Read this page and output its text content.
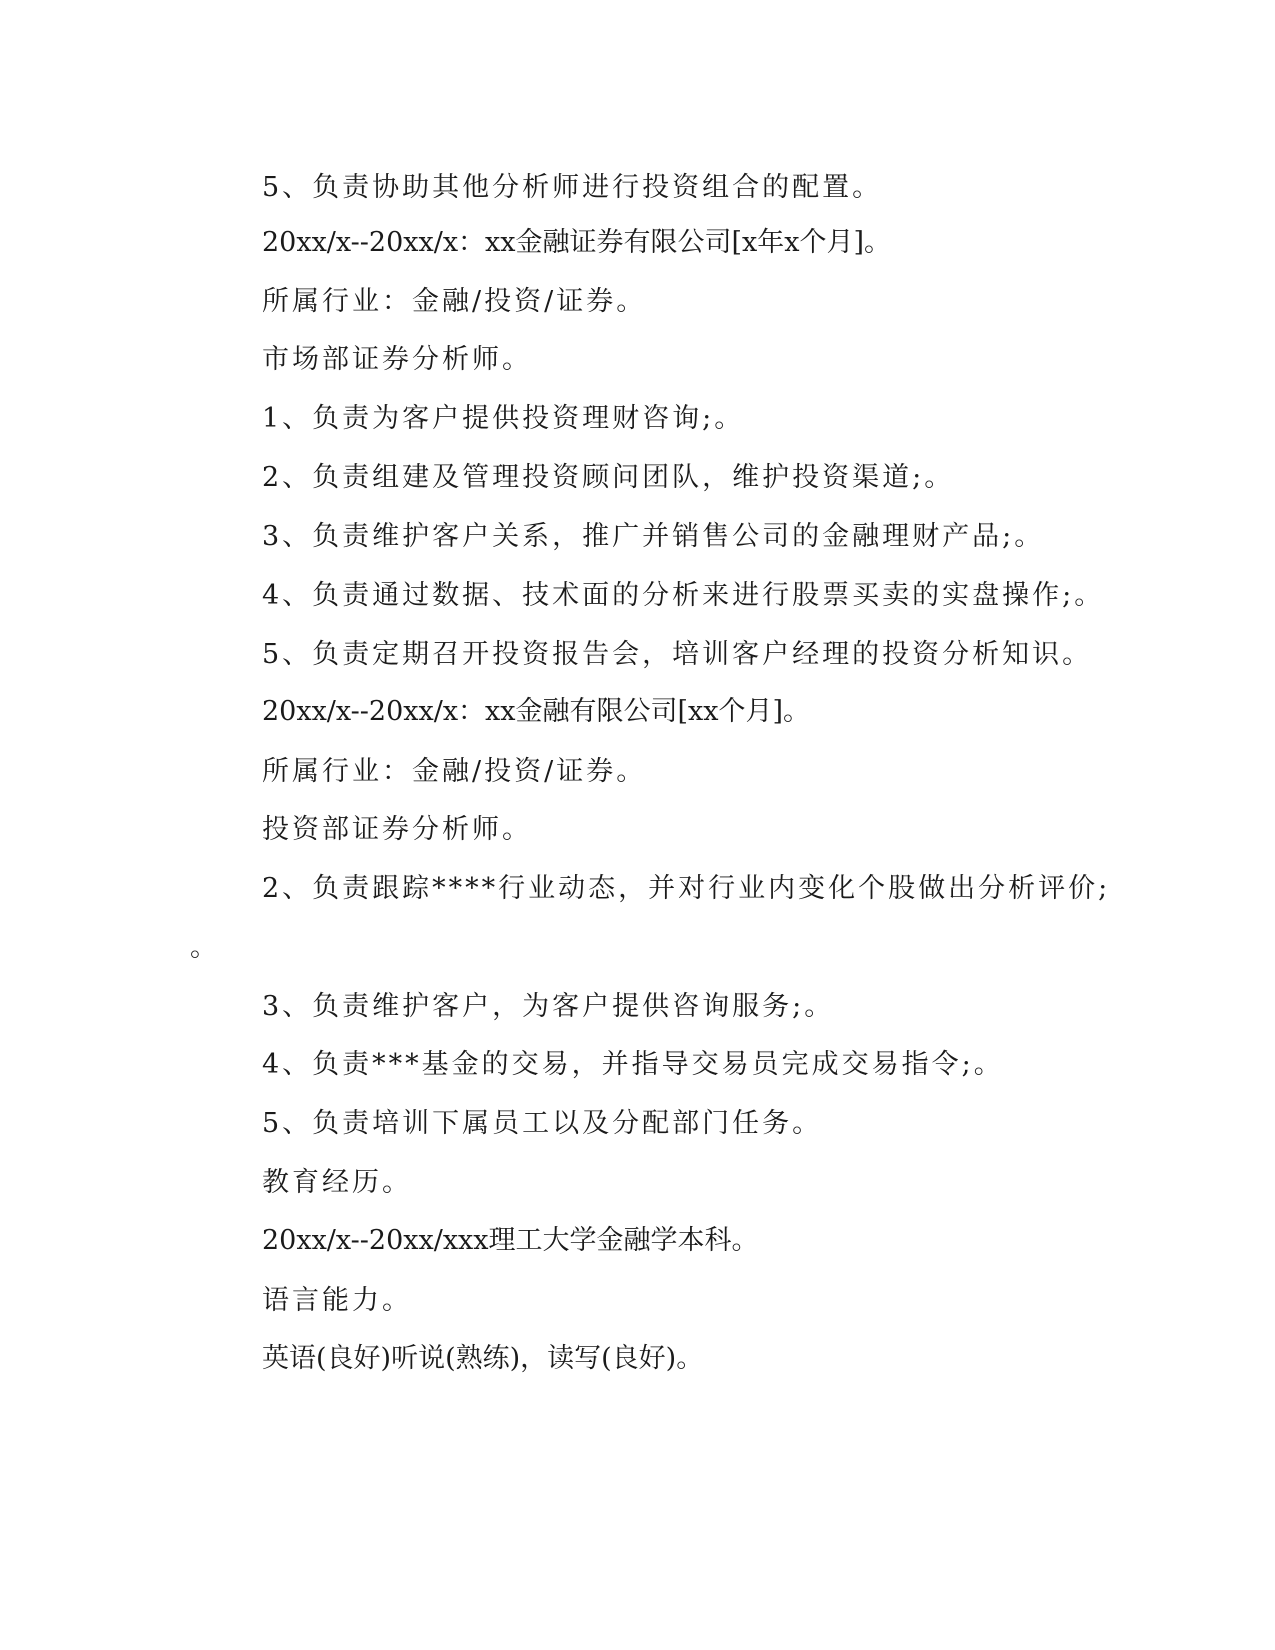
5、负责协助其他分析师进行投资组合的配置。

20xx/x--20xx/x：xx金融证券有限公司[x年x个月]。

所属行业：金融/投资/证券。

市场部证券分析师。

1、负责为客户提供投资理财咨询;。

2、负责组建及管理投资顾问团队，维护投资渠道;。

3、负责维护客户关系，推广并销售公司的金融理财产品;。

4、负责通过数据、技术面的分析来进行股票买卖的实盘操作;。

5、负责定期召开投资报告会，培训客户经理的投资分析知识。

20xx/x--20xx/x：xx金融有限公司[xx个月]。

所属行业：金融/投资/证券。

投资部证券分析师。

2、负责跟踪****行业动态，并对行业内变化个股做出分析评价;

。

3、负责维护客户，为客户提供咨询服务;。

4、负责***基金的交易，并指导交易员完成交易指令;。

5、负责培训下属员工以及分配部门任务。

教育经历。

20xx/x--20xx/xxx理工大学金融学本科。

语言能力。

英语(良好)听说(熟练)，读写(良好)。
